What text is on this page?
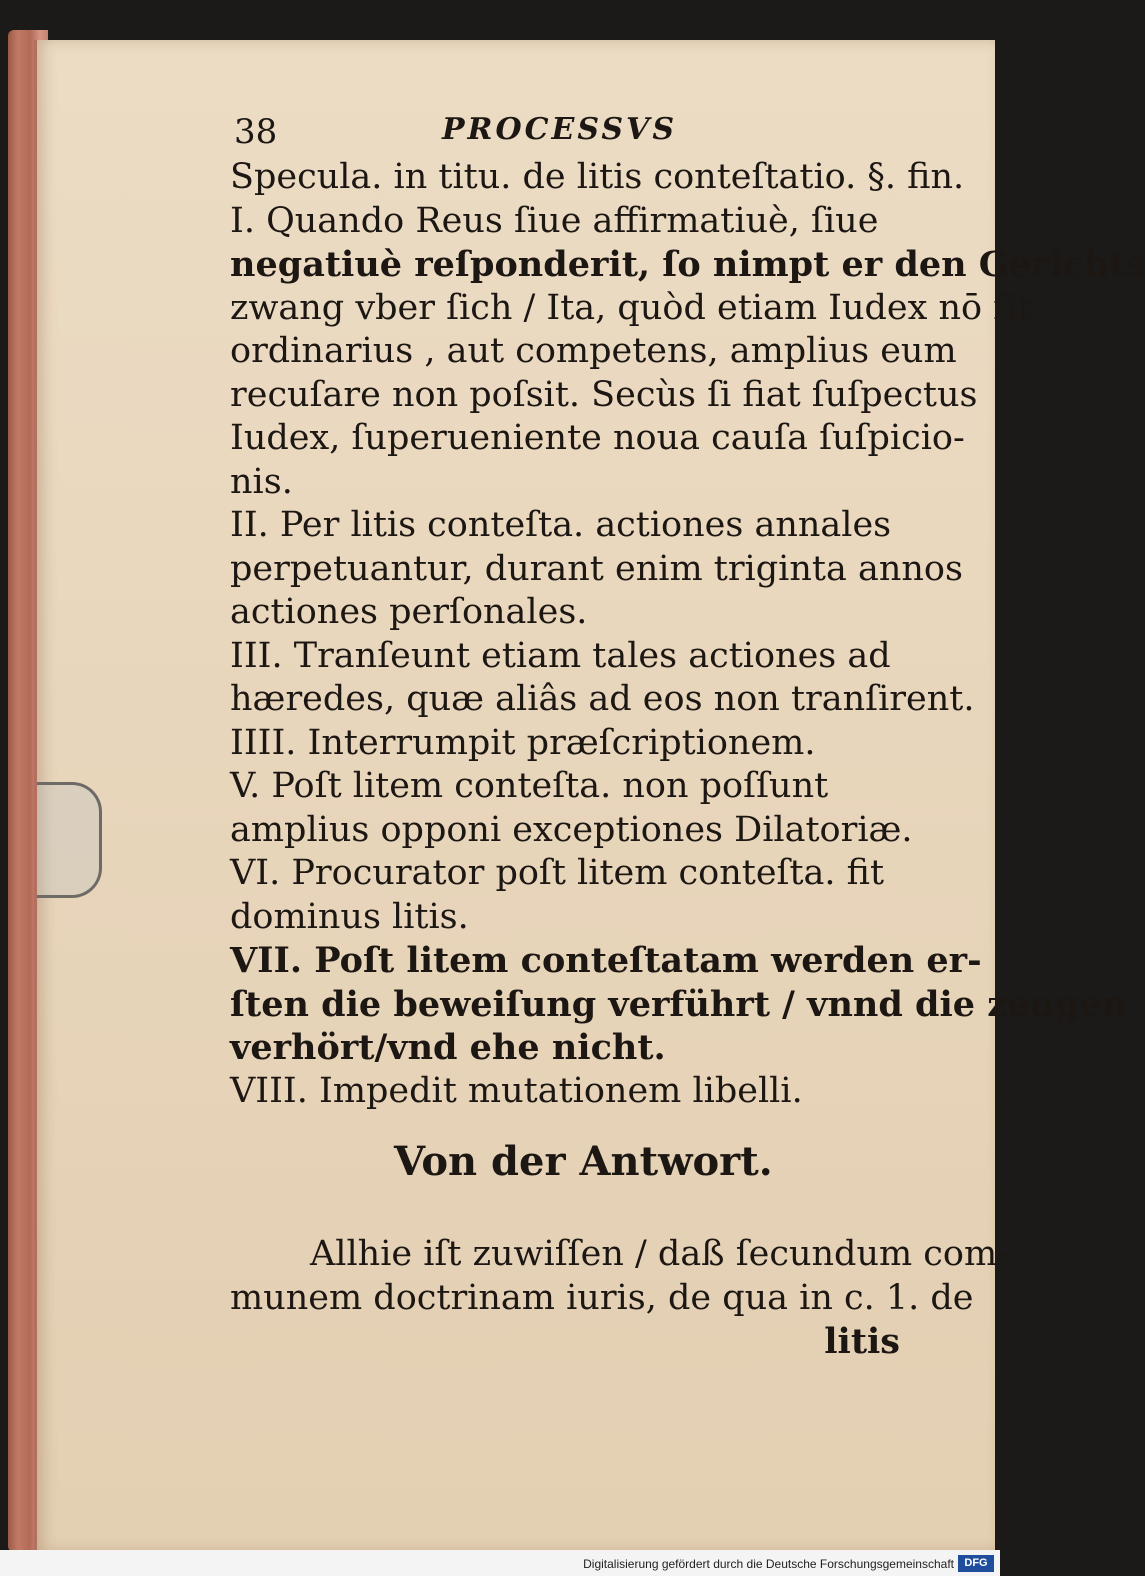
38	PROCESSVS
Specula. in titu. de litis conteſtatio. §. fin.
I. Quando Reus ſiue affirmatiuè, ſiue
negatiuè reſponderit, ſo nimpt er den Gerichts
zwang vber ſich / Ita, quòd etiam Iudex nō ſit
ordinarius , aut competens, amplius eum
recuſare non poſsit. Secùs ſi fiat ſuſpectus
Iudex, ſuperueniente noua cauſa ſuſpicio-
nis.
II. Per litis conteſta. actiones annales
perpetuantur, durant enim triginta annos
actiones perſonales.
III. Tranſeunt etiam tales actiones ad
hæredes, quæ aliâs ad eos non tranſirent.
IIII. Interrumpit præſcriptionem.
V. Poſt litem conteſta. non poſſunt
amplius opponi exceptiones Dilatoriæ.
VI. Procurator poſt litem conteſta. fit
dominus litis.
VII. Poſt litem conteſtatam werden er-
ſten die beweiſung verführt / vnnd die zeugen
verhört/vnd ehe nicht.
VIII. Impedit mutationem libelli.
Von der Antwort.
Allhie iſt zuwiſſen / daß ſecundum com-
munem doctrinam iuris, de qua in c. 1. de
litis
Digitalisierung gefördert durch die Deutsche Forschungsgemeinschaft DFG
